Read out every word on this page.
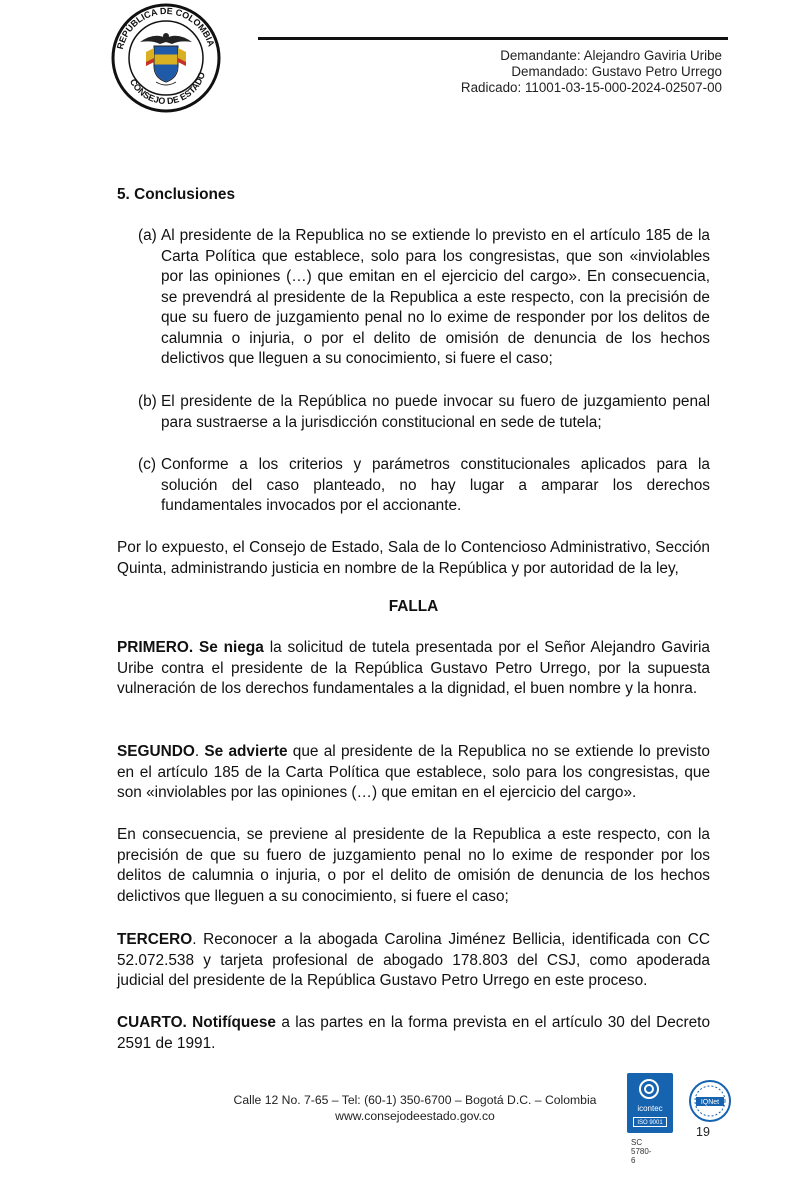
REPÚBLICA DE COLOMBIA
CONSEJO DE ESTADO
Demandante: Alejandro Gaviria Uribe
Demandado: Gustavo Petro Urrego
Radicado: 11001-03-15-000-2024-02507-00
5. Conclusiones
(a) Al presidente de la Republica no se extiende lo previsto en el artículo 185 de la Carta Política que establece, solo para los congresistas, que son «inviolables por las opiniones (…) que emitan en el ejercicio del cargo». En consecuencia, se prevendrá al presidente de la Republica a este respecto, con la precisión de que su fuero de juzgamiento penal no lo exime de responder por los delitos de calumnia o injuria, o por el delito de omisión de denuncia de los hechos delictivos que lleguen a su conocimiento, si fuere el caso;
(b) El presidente de la República no puede invocar su fuero de juzgamiento penal para sustraerse a la jurisdicción constitucional en sede de tutela;
(c) Conforme a los criterios y parámetros constitucionales aplicados para la solución del caso planteado, no hay lugar a amparar los derechos fundamentales invocados por el accionante.
Por lo expuesto, el Consejo de Estado, Sala de lo Contencioso Administrativo, Sección Quinta, administrando justicia en nombre de la República y por autoridad de la ley,
FALLA
PRIMERO. Se niega la solicitud de tutela presentada por el Señor Alejandro Gaviria Uribe contra el presidente de la República Gustavo Petro Urrego, por la supuesta vulneración de los derechos fundamentales a la dignidad, el buen nombre y la honra.
SEGUNDO. Se advierte que al presidente de la Republica no se extiende lo previsto en el artículo 185 de la Carta Política que establece, solo para los congresistas, que son «inviolables por las opiniones (…) que emitan en el ejercicio del cargo».
En consecuencia, se previene al presidente de la Republica a este respecto, con la precisión de que su fuero de juzgamiento penal no lo exime de responder por los delitos de calumnia o injuria, o por el delito de omisión de denuncia de los hechos delictivos que lleguen a su conocimiento, si fuere el caso;
TERCERO. Reconocer a la abogada Carolina Jiménez Bellicia, identificada con CC 52.072.538 y tarjeta profesional de abogado 178.803 del CSJ, como apoderada judicial del presidente de la República Gustavo Petro Urrego en este proceso.
CUARTO. Notifíquese a las partes en la forma prevista en el artículo 30 del Decreto 2591 de 1991.
Calle 12 No. 7-65 – Tel: (60-1) 350-6700 – Bogotá D.C. – Colombia
www.consejodeestado.gov.co
icontec
ISO 9001
IQNet
SC 5780-6
19
